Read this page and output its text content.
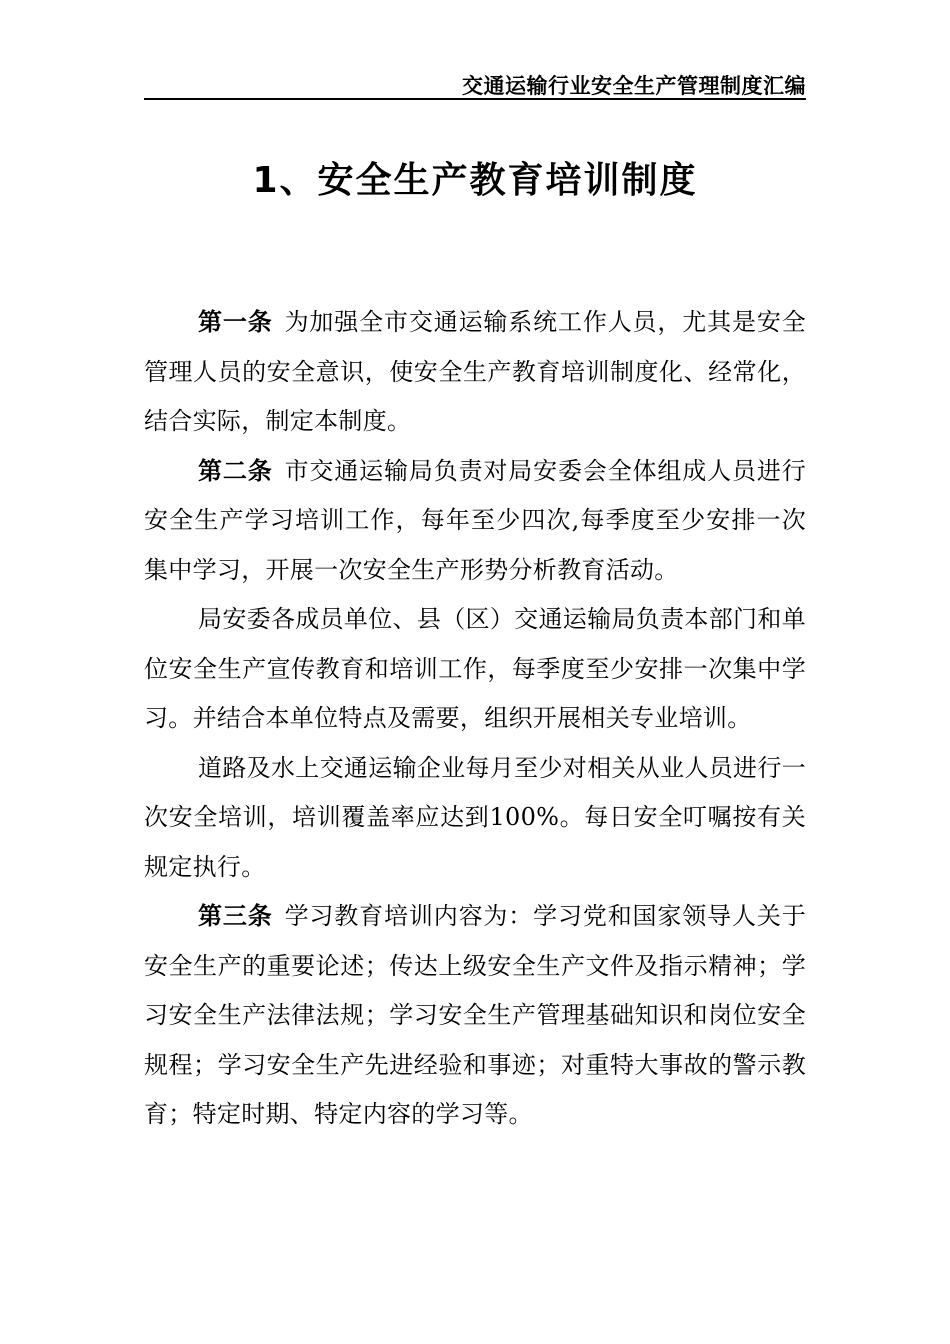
交通运输行业安全生产管理制度汇编
1、安全生产教育培训制度

第一条 为加强全市交通运输系统工作人员，尤其是安全管理人员的安全意识，使安全生产教育培训制度化、经常化，结合实际，制定本制度。

第二条 市交通运输局负责对局安委会全体组成人员进行安全生产学习培训工作，每年至少四次,每季度至少安排一次集中学习，开展一次安全生产形势分析教育活动。

局安委各成员单位、县（区）交通运输局负责本部门和单位安全生产宣传教育和培训工作，每季度至少安排一次集中学习。并结合本单位特点及需要，组织开展相关专业培训。

道路及水上交通运输企业每月至少对相关从业人员进行一次安全培训，培训覆盖率应达到100%。每日安全叮嘱按有关规定执行。

第三条 学习教育培训内容为：学习党和国家领导人关于安全生产的重要论述；传达上级安全生产文件及指示精神；学习安全生产法律法规；学习安全生产管理基础知识和岗位安全规程；学习安全生产先进经验和事迹；对重特大事故的警示教育；特定时期、特定内容的学习等。
